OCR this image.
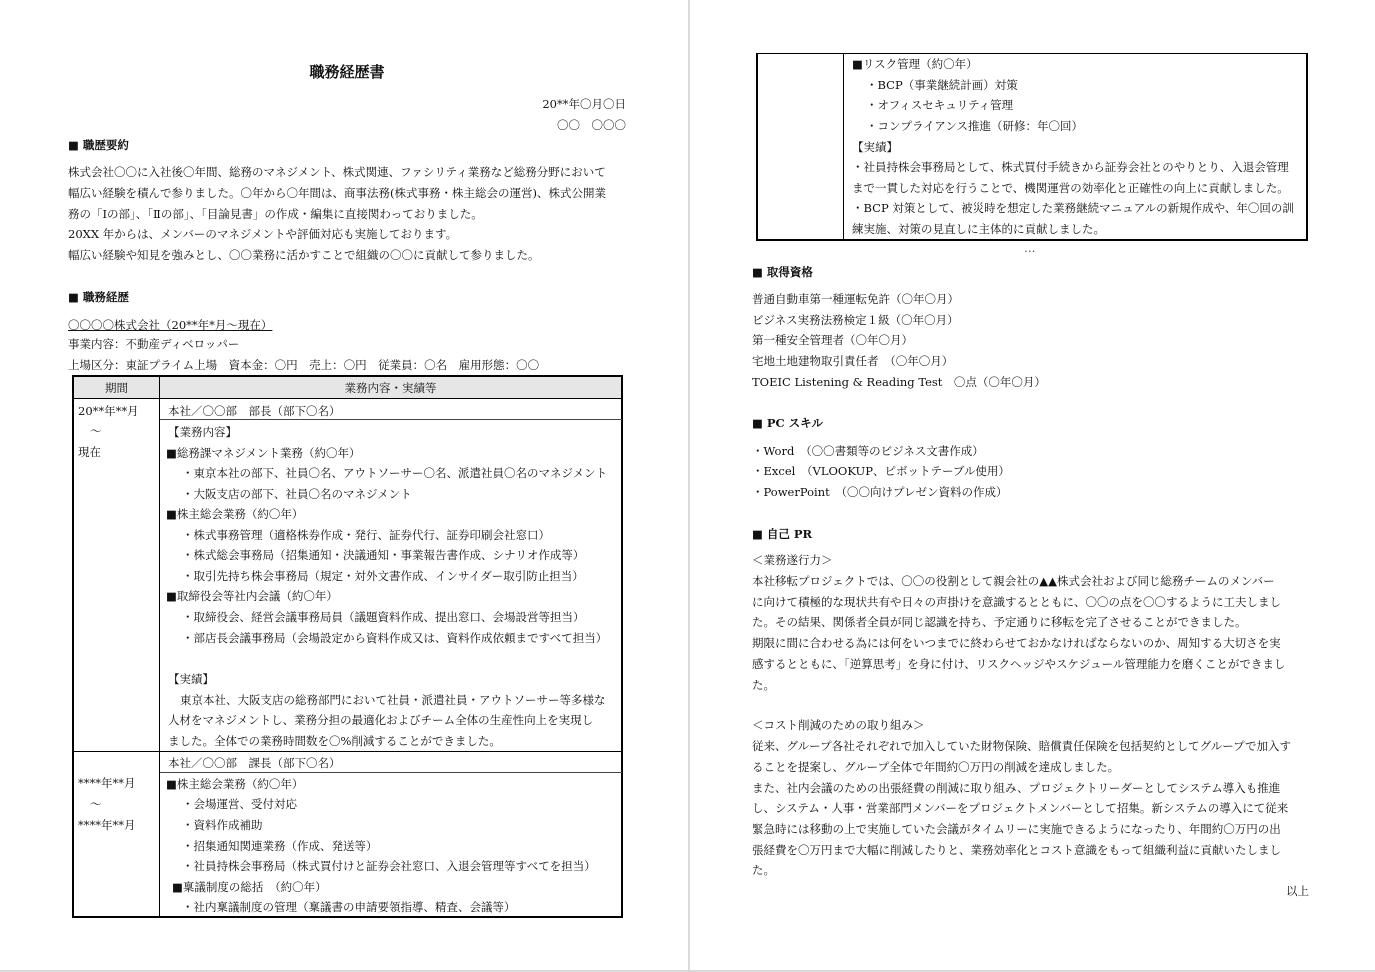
職務経歴書
20**年〇月〇日
〇〇　〇〇〇
■ 職歴要約
株式会社〇〇に入社後〇年間、総務のマネジメント、株式関連、ファシリティ業務など総務分野において
幅広い経験を積んで参りました。〇年から〇年間は、商事法務(株式事務・株主総会の運営)、株式公開業
務の「Ⅰの部」、「Ⅱの部」、「目論見書」の作成・編集に直接関わっておりました。
20XX 年からは、メンバーのマネジメントや評価対応も実施しております。
幅広い経験や知見を強みとし、〇〇業務に活かすことで組織の〇〇に貢献して参りました。
■ 職務経歴
〇〇〇〇株式会社（20**年*月～現在）
事業内容：不動産ディベロッパー
上場区分：東証プライム上場　資本金：〇円　売上：〇円　従業員：〇名　雇用形態：〇〇
期間	業務内容・実績等
20**年**月
～
現在
本社／〇〇部　部長（部下〇名）
【業務内容】
■総務課マネジメント業務（約〇年）
・東京本社の部下、社員〇名、アウトソーサー〇名、派遣社員〇名のマネジメント
・大阪支店の部下、社員〇名のマネジメント
■株主総会業務（約〇年）
・株式事務管理（適格株券作成・発行、証券代行、証券印刷会社窓口）
・株式総会事務局（招集通知・決議通知・事業報告書作成、シナリオ作成等）
・取引先持ち株会事務局（規定・対外文書作成、インサイダー取引防止担当）
■取締役会等社内会議（約〇年）
・取締役会、経営会議事務局員（議題資料作成、提出窓口、会場設営等担当）
・部店長会議事務局（会場設定から資料作成又は、資料作成依頼まですべて担当）
【実績】
東京本社、大阪支店の総務部門において社員・派遣社員・アウトソーサー等多様な
人材をマネジメントし、業務分担の最適化およびチーム全体の生産性向上を実現し
ました。全体での業務時間数を〇%削減することができました。
****年**月
～
****年**月
本社／〇〇部　課長（部下〇名）
■株主総会業務（約〇年）
・会場運営、受付対応
・資料作成補助
・招集通知関連業務（作成、発送等）
・社員持株会事務局（株式買付けと証券会社窓口、入退会管理等すべてを担当）
■稟議制度の総括　（約〇年）
・社内稟議制度の管理（稟議書の申請要領指導、精査、会議等）
■リスク管理（約〇年）
・BCP（事業継続計画）対策
・オフィスセキュリティ管理
・コンプライアンス推進（研修：年〇回）
【実績】
・社員持株会事務局として、株式買付手続きから証券会社とのやりとり、入退会管理
まで一貫した対応を行うことで、機関運営の効率化と正確性の向上に貢献しました。
・BCP 対策として、被災時を想定した業務継続マニュアルの新規作成や、年〇回の訓
練実施、対策の見直しに主体的に貢献しました。
…
■ 取得資格
普通自動車第一種運転免許（〇年〇月）
ビジネス実務法務検定１級（〇年〇月）
第一種安全管理者（〇年〇月）
宅地土地建物取引責任者　（〇年〇月）
TOEIC Listening & Reading Test　〇点（〇年〇月）
■ PC スキル
・Word　（〇〇書類等のビジネス文書作成）
・Excel　（VLOOKUP、ピボットテーブル使用）
・PowerPoint　（〇〇向けプレゼン資料の作成）
■ 自己 PR
＜業務遂行力＞
本社移転プロジェクトでは、〇〇の役割として親会社の▲▲株式会社および同じ総務チームのメンバー
に向けて積極的な現状共有や日々の声掛けを意識するとともに、〇〇の点を〇〇するように工夫しまし
た。その結果、関係者全員が同じ認識を持ち、予定通りに移転を完了させることができました。
期限に間に合わせる為には何をいつまでに終わらせておかなければならないのか、周知する大切さを実
感するとともに、「逆算思考」を身に付け、リスクヘッジやスケジュール管理能力を磨くことができまし
た。
＜コスト削減のための取り組み＞
従来、グループ各社それぞれで加入していた財物保険、賠償責任保険を包括契約としてグループで加入す
ることを提案し、グループ全体で年間約〇万円の削減を達成しました。
また、社内会議のための出張経費の削減に取り組み、プロジェクトリーダーとしてシステム導入も推進
し、システム・人事・営業部門メンバーをプロジェクトメンバーとして招集。新システムの導入にて従来
緊急時には移動の上で実施していた会議がタイムリーに実施できるようになったり、年間約〇万円の出
張経費を〇万円まで大幅に削減したりと、業務効率化とコスト意識をもって組織利益に貢献いたしまし
た。
以上
